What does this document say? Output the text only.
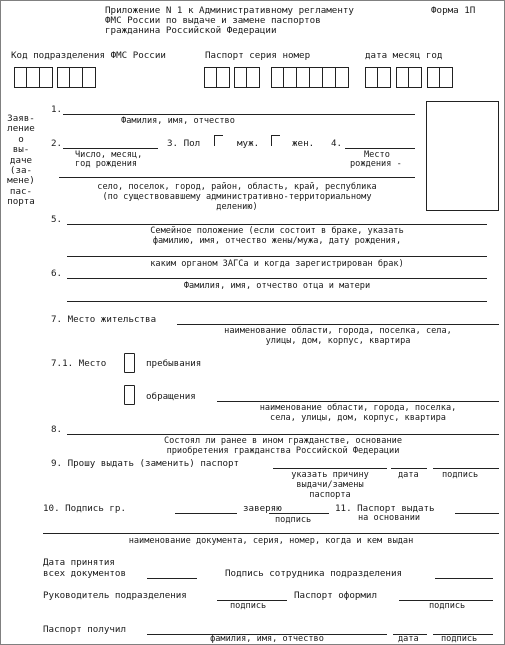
Приложение N 1 к Административному регламенту	Форма 1П
ФМС России по выдаче и замене паспортов
гражданина Российской Федерации
Код подразделения ФМС России	Паспорт серия номер	дата месяц год
Заяв-
ление
о
вы-
даче
(за-
мене)
пас-
порта
1.
Фамилия, имя, отчество
2.
Число, месяц,
год рождения
3. Пол	муж.	жен. 4.
Место
рождения -
село, поселок, город, район, область, край, республика
(по существовавшему административно-территориальному
делению)
5.
Семейное положение (если состоит в браке, указать
фамилию, имя, отчество жены/мужа, дату рождения,
каким органом ЗАГСа и когда зарегистрирован брак)
6.
Фамилия, имя, отчество отца и матери
7. Место жительства
наименование области, города, поселка, села,
улицы, дом, корпус, квартира
7.1. Место	пребывания
обращения
наименование области, города, поселка,
села, улицы, дом, корпус, квартира
8.
Состоял ли ранее в ином гражданстве, основание
приобретения гражданства Российской Федерации
9. Прошу выдать (заменить) паспорт
указать причину
выдачи/замены
паспорта
дата	подпись
10. Подпись гр.	заверяю
подпись
11. Паспорт выдать
на основании
наименование документа, серия, номер, когда и кем выдан
Дата принятия
всех документов	Подпись сотрудника подразделения
Руководитель подразделения
подпись
Паспорт оформил
подпись
Паспорт получил
фамилия, имя, отчество	дата	подпись
